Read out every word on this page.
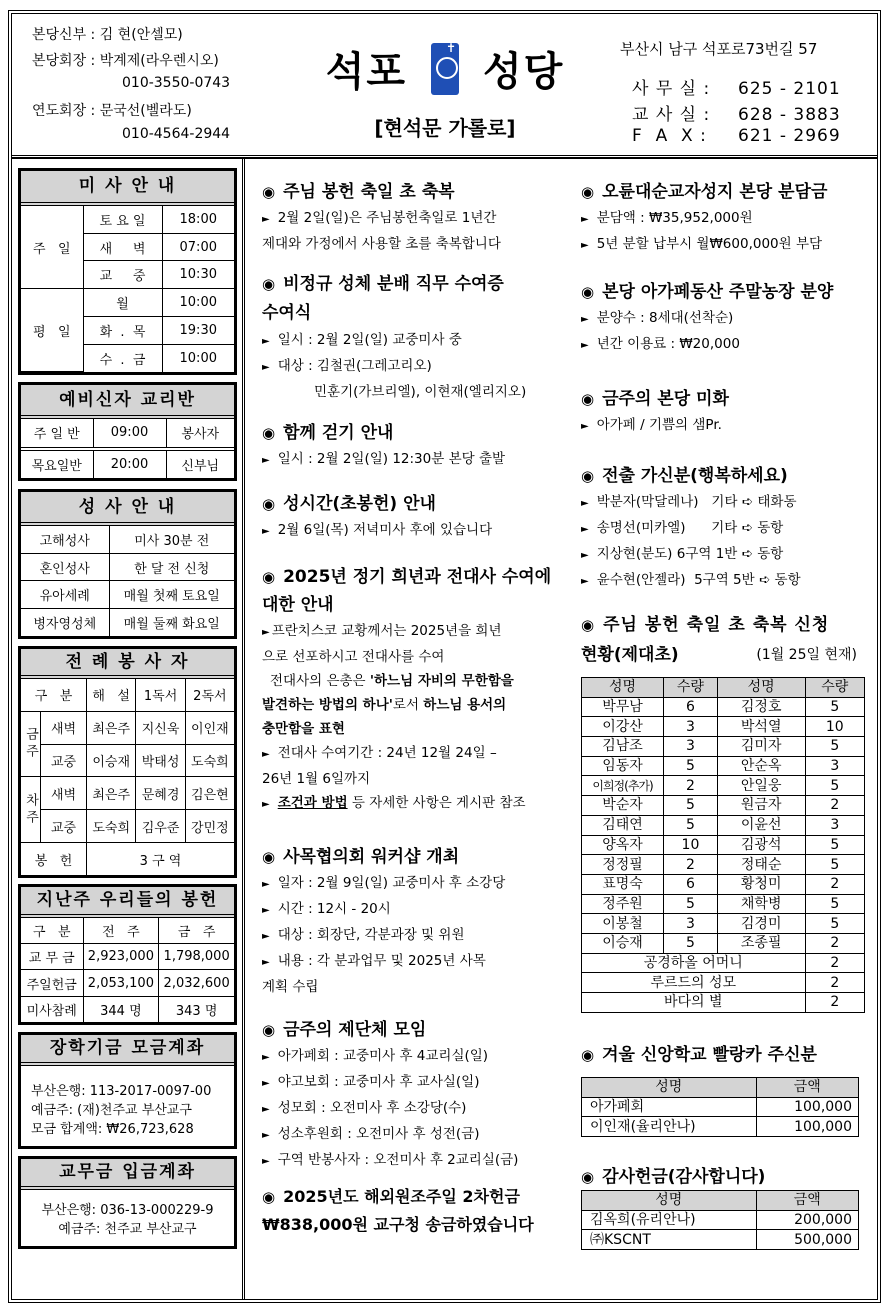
본당신부 : 김 현(안셀모)
본당회장 : 박계제(라우렌시오)
010-3550-0743
연도회장 : 문국선(벨라도)
010-4564-2944
석포 ✝ 성당
[현석문 가롤로]
부산시 남구 석포로73번길 57
사 무 실 : 625 - 2101
교 사 실 : 628 - 3883
F  A  X : 621 - 2969
미 사 안 내
주   일	토 요 일	18:00
	새     벽	07:00
	교     중	10:30
평   일	월	10:00
	화  .  목	19:30
	수  .  금	10:00
예비신자 교리반
주 일 반	09:00	봉사자
목요일반	20:00	신부님
성 사 안 내
고해성사	미사 30분 전
혼인성사	한 달 전 신청
유아세례	매월 첫째 토요일
병자영성체	매월 둘째 화요일
전 례 봉 사 자
구   분		해   설	1독서	2독서
금주	새벽	최은주	지신욱	이인재
	교중	이승재	박태성	도숙희
차주	새벽	최은주	문혜경	김은현
	교중	도숙희	김우준	강민정
봉   헌		3 구 역		
지난주 우리들의 봉헌
구   분	전   주	금   주
교 무 금	2,923,000	1,798,000
주일헌금	2,053,100	2,032,600
미사참례	344 명	343 명
장학기금 모금계좌
부산은행: 113-2017-0097-00
예금주: (재)천주교 부산교구
모금 합계액: ₩26,723,628
교무금 입금계좌
부산은행: 036-13-000229-9
예금주: 천주교 부산교구
◉ 주님 봉헌 축일 초 축복
► 2월 2일(일)은 주님봉헌축일로 1년간
제대와 가정에서 사용할 초를 축복합니다
◉ 비정규 성체 분배 직무 수여증
수여식
► 일시 : 2월 2일(일) 교중미사 중
► 대상 : 김철권(그레고리오)
민훈기(가브리엘), 이현재(엘리지오)
◉ 함께 걷기 안내
► 일시 : 2월 2일(일) 12:30분 본당 출발
◉ 성시간(초봉헌) 안내
► 2월 6일(목) 저녁미사 후에 있습니다
◉ 2025년 정기 희년과 전대사 수여에
대한 안내
► 프란치스코 교황께서는 2025년을 희년
으로 선포하시고 전대사를 수여
전대사의 은총은 '하느님 자비의 무한함을
발견하는 방법의 하나'로서 하느님 용서의
충만함을 표현
► 전대사 수여기간 : 24년 12월 24일 –
26년 1월 6일까지
► 조건과 방법 등 자세한 사항은 게시판 참조
◉ 사목협의회 워커샵 개최
► 일자 : 2월 9일(일) 교중미사 후 소강당
► 시간 : 12시 - 20시
► 대상 : 회장단, 각분과장 및 위원
► 내용 : 각 분과업무 및 2025년 사목
계획 수립
◉ 금주의 제단체 모임
► 아가페회 : 교중미사 후 4교리실(일)
► 야고보회 : 교중미사 후 교사실(일)
► 성모회 : 오전미사 후 소강당(수)
► 성소후원회 : 오전미사 후 성전(금)
► 구역 반봉사자 : 오전미사 후 2교리실(금)
◉ 2025년도 해외원조주일 2차헌금
₩838,000원 교구청 송금하였습니다
◉ 오륜대순교자성지 본당 분담금
► 분담액 : ₩35,952,000원
► 5년 분할 납부시 월₩600,000원 부담
◉ 본당 아가페동산 주말농장 분양
► 분양수 : 8세대(선착순)
► 년간 이용료 : ₩20,000
◉ 금주의 본당 미화
► 아가페 / 기쁨의 샘Pr.
◉ 전출 가신분(행복하세요)
► 박분자(막달레나)   기타 ➪ 태화동
► 송명선(미카엘)      기타 ➪ 동항
► 지상현(분도) 6구역 1반 ➪ 동항
► 윤수현(안젤라)  5구역 5반 ➪ 동항
◉ 주님 봉헌 축일 초 축복 신청
현황(제대초)	(1월 25일 현재)
성명	수량	성명	수량
박무남	6	김정호	5
이강산	3	박석열	10
김남조	3	김미자	5
임동자	5	안순옥	3
이희정(추가)	2	안일웅	5
박순자	5	원금자	2
김태연	5	이윤선	3
양옥자	10	김광석	5
정정필	2	정태순	5
표명숙	6	황청미	2
정주원	5	채학병	5
이봉철	3	김경미	5
이승재	5	조종필	2
공경하올 어머니			2
루르드의 성모			2
바다의 별			2
◉ 겨울 신앙학교 빨랑카 주신분
성명	금액
아가페회	100,000
이인재(율리안나)	100,000
◉ 감사헌금(감사합니다)
성명	금액
김옥희(유리안나)	200,000
㈜KSCNT	500,000
